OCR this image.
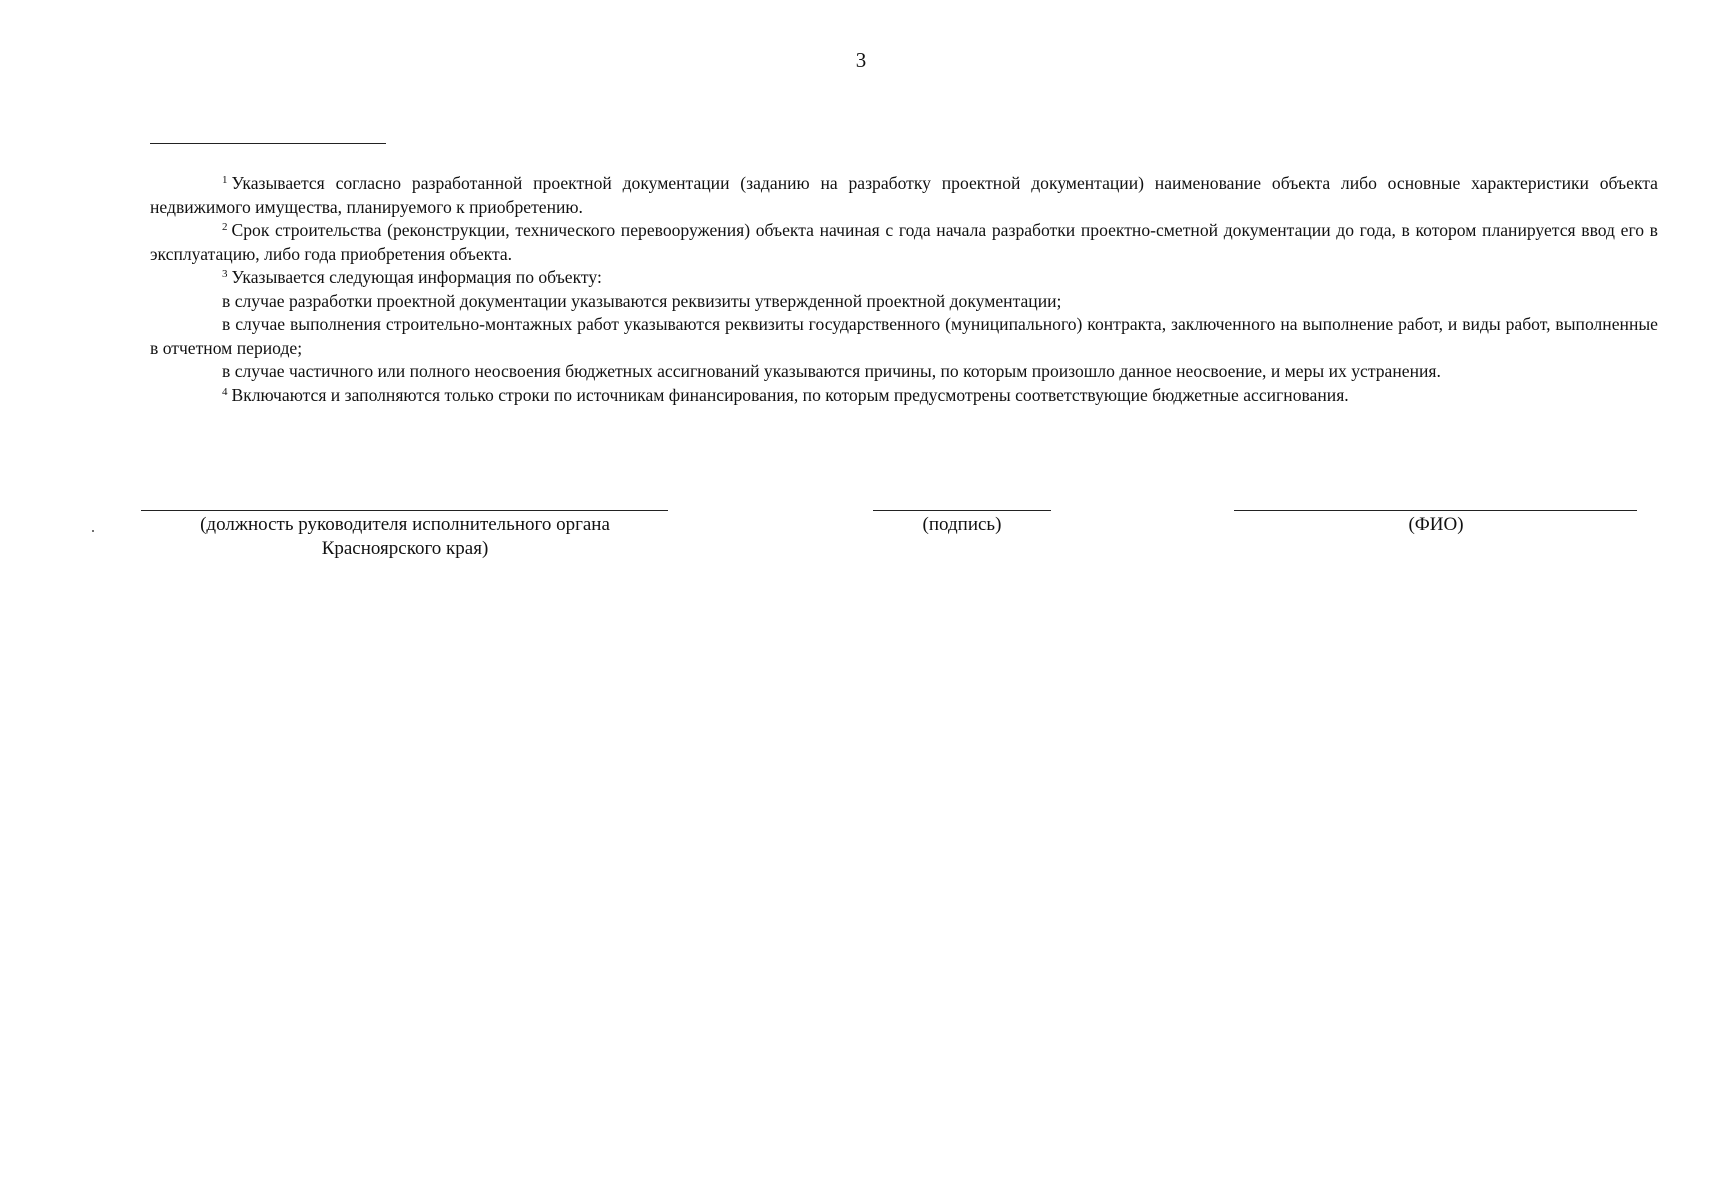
3

$^1$ Указывается согласно разработанной проектной документации (заданию на разработку проектной документации) наименование объекта либо основные характеристики объекта недвижимого имущества, планируемого к приобретению.

$^2$ Срок строительства (реконструкции, технического перевооружения) объекта начиная с года начала разработки проектно-сметной документации до года, в котором планируется ввод его в эксплуатацию, либо года приобретения объекта.

$^3$ Указывается следующая информация по объекту:

в случае разработки проектной документации указываются реквизиты утвержденной проектной документации;

в случае выполнения строительно-монтажных работ указываются реквизиты государственного (муниципального) контракта, заключенного на выполнение работ, и виды работ, выполненные в отчетном периоде;

в случае частичного или полного неосвоения бюджетных ассигнований указываются причины, по которым произошло данное неосвоение, и меры их устранения.

$^4$ Включаются и заполняются только строки по источникам финансирования, по которым предусмотрены соответствующие бюджетные ассигнования.

(должность руководителя исполнительного органа
Красноярского края)
(подпись)	(ФИО)
